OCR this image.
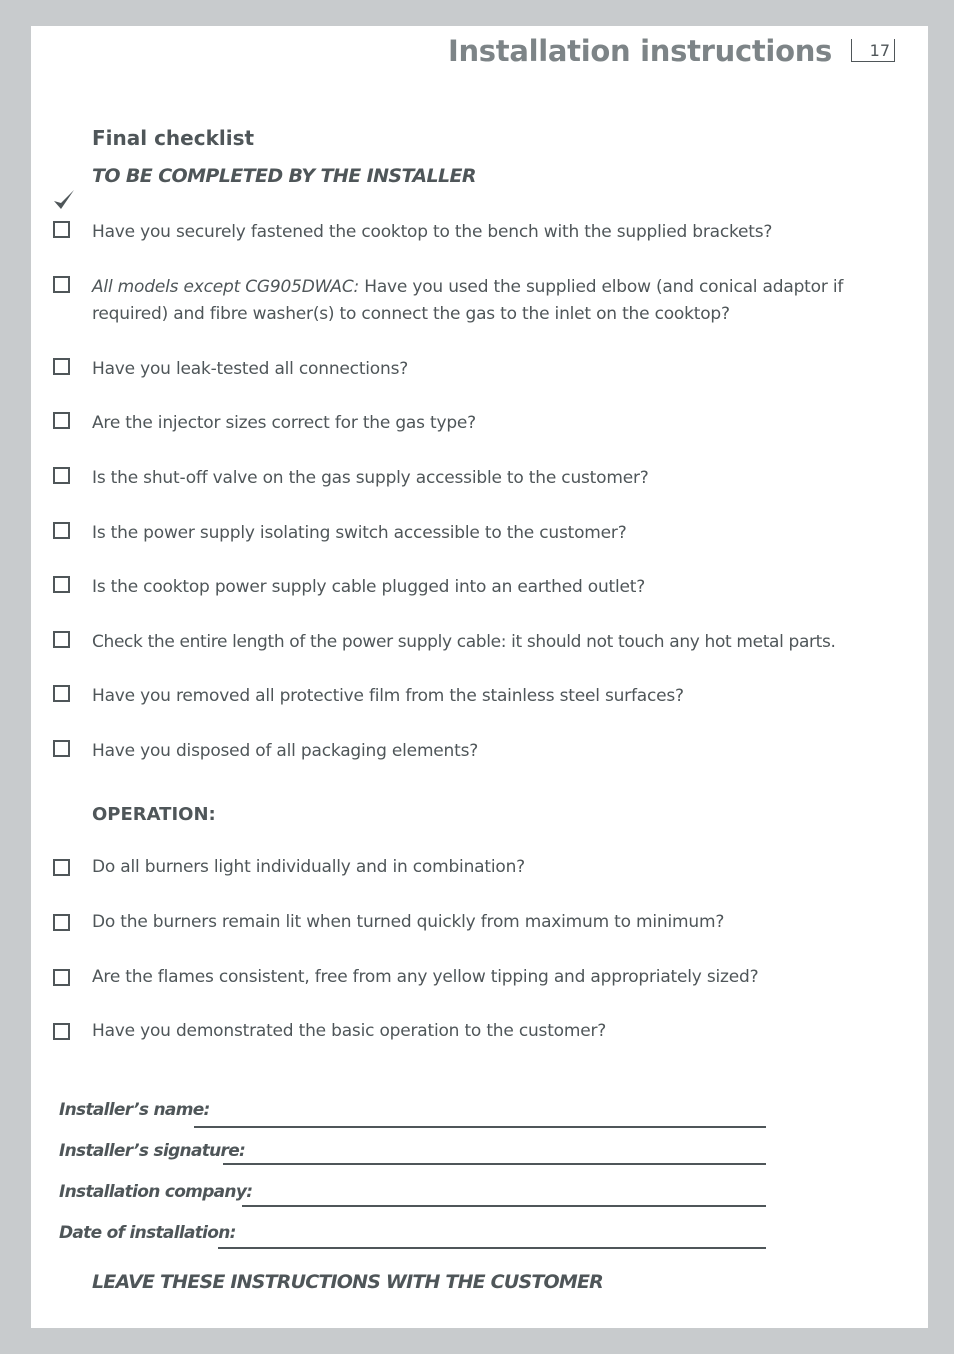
Installation instructions	17
Final checklist
TO BE COMPLETED BY THE INSTALLER
Have you securely fastened the cooktop to the bench with the supplied brackets?
All models except CG905DWAC: Have you used the supplied elbow (and conical adaptor if required) and fibre washer(s) to connect the gas to the inlet on the cooktop?
Have you leak-tested all connections?
Are the injector sizes correct for the gas type?
Is the shut-off valve on the gas supply accessible to the customer?
Is the power supply isolating switch accessible to the customer?
Is the cooktop power supply cable plugged into an earthed outlet?
Check the entire length of the power supply cable: it should not touch any hot metal parts.
Have you removed all protective film from the stainless steel surfaces?
Have you disposed of all packaging elements?
OPERATION:
Do all burners light individually and in combination?
Do the burners remain lit when turned quickly from maximum to minimum?
Are the flames consistent, free from any yellow tipping and appropriately sized?
Have you demonstrated the basic operation to the customer?
Installer’s name:
Installer’s signature:
Installation company:
Date of installation:
LEAVE THESE INSTRUCTIONS WITH THE CUSTOMER
